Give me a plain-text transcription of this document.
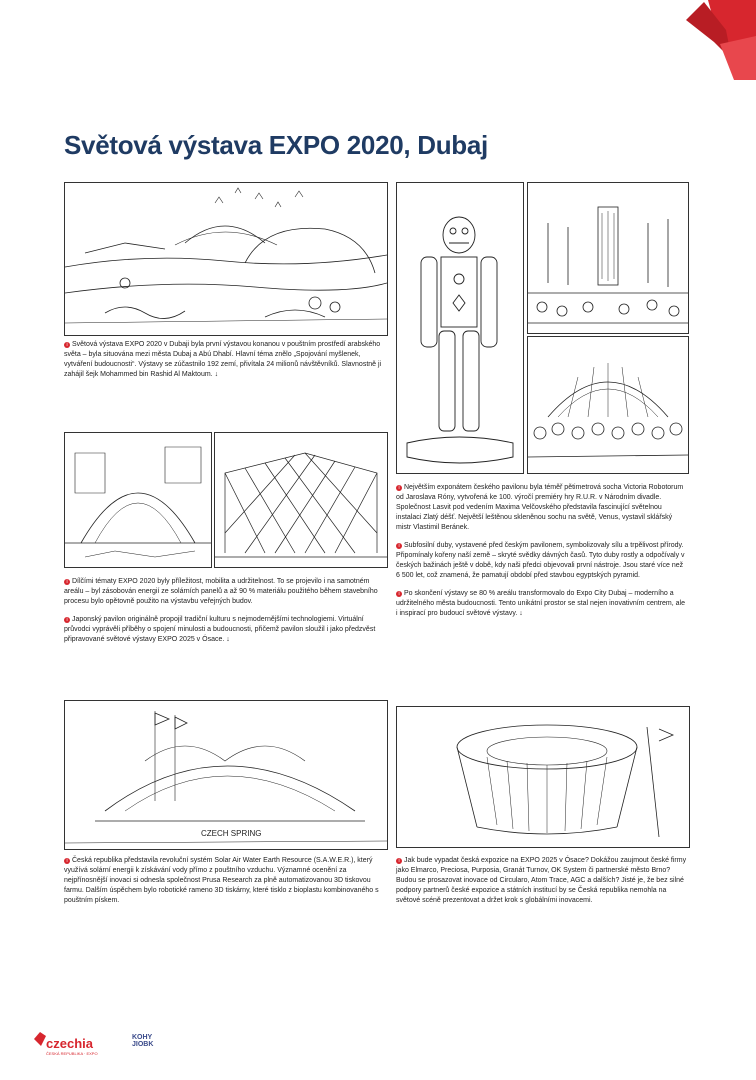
Světová výstava EXPO 2020, Dubaj

i Světová výstava EXPO 2020 v Dubaji byla první výstavou konanou v pouštním prostředí arabského světa – byla situována mezi města Dubaj a Abú Dhabí. Hlavní téma znělo „Spojování myšlenek, vytváření budoucnosti“. Výstavy se zúčastnilo 192 zemí, přivítala 24 milionů návštěvníků. Slavnostně ji zahájil šejk Mohammed bin Rashid Al Maktoum. ↓

i Největším exponátem českého pavilonu byla téměř pětimetrová socha Victoria Robotorum od Jaroslava Róny, vytvořená ke 100. výročí premiéry hry R.U.R. v Národním divadle. Společnost Lasvit pod vedením Maxima Velčovského představila fascinující světelnou instalaci Zlatý déšť. Největší leštěnou skleněnou sochu na světě, Venus, vystavil sklářský mistr Vlastimil Beránek.

i Subfosilní duby, vystavené před českým pavilonem, symbolizovaly sílu a trpělivost přírody. Připomínaly kořeny naší země – skryté svědky dávných časů. Tyto duby rostly a odpočívaly v českých bažinách ještě v době, kdy naši předci objevovali první nástroje. Jsou staré více než 6 500 let, což znamená, že pamatují období před stavbou egyptských pyramid.

i Po skončení výstavy se 80 % areálu transformovalo do Expo City Dubaj – moderního a udržitelného města budoucnosti. Tento unikátní prostor se stal nejen inovativním centrem, ale i inspirací pro budoucí světové výstavy. ↓

i Dílčími tématy EXPO 2020 byly příležitost, mobilita a udržitelnost. To se projevilo i na samotném areálu – byl zásobován energií ze solárních panelů a až 90 % materiálu použitého během stavebního procesu bylo opětovně použito na výstavbu veřejných budov.

i Japonský pavilon originálně propojil tradiční kulturu s nejmodernějšími technologiemi. Virtuální průvodci vyprávěli příběhy o spojení minulosti a budoucnosti, přičemž pavilon sloužil i jako předzvěst připravované světové výstavy EXPO 2025 v Ósace. ↓

CZECH SPRING

i Česká republika představila revoluční systém Solar Air Water Earth Resource (S.A.W.E.R.), který využívá solární energii k získávání vody přímo z pouštního vzduchu. Významné ocenění za nejpřínosnější inovaci si odnesla společnost Prusa Research za plně automatizovanou 3D tiskovou farmu. Dalším úspěchem bylo robotické rameno 3D tiskárny, které tisklo z bioplastu kombinovaného s pouštním pískem.

i Jak bude vypadat česká expozice na EXPO 2025 v Ósace? Dokážou zaujmout české firmy jako Elmarco, Preciosa, Purposia, Granát Turnov, OK System či partnerské město Brno? Budou se prosazovat inovace od Circularo, Atom Trace, AGC a dalších? Jisté je, že bez silné podpory partnerů české expozice a státních institucí by se Česká republika nemohla na světové scéně prezentovat a držet krok s globálními inovacemi.

czechia
ČESKÁ REPUBLIKA · EXPO
KOHY
JIOBK
